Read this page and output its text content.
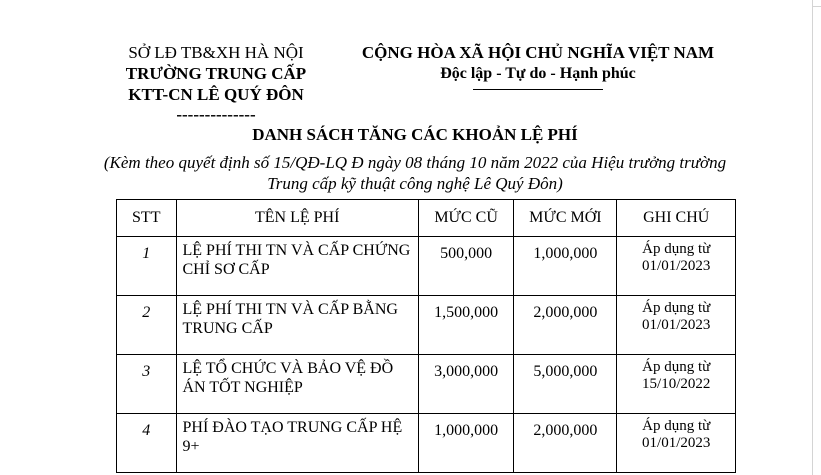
SỞ LĐ TB&XH HÀ NỘI
TRƯỜNG TRUNG CẤP
KTT-CN LÊ QUÝ ĐÔN
--------------
CỘNG HÒA XÃ HỘI CHỦ NGHĨA VIỆT NAM
Độc lập - Tự do - Hạnh phúc
DANH SÁCH TĂNG CÁC KHOẢN LỆ PHÍ
(Kèm theo quyết định số 15/QĐ-LQ Đ ngày 08 tháng 10 năm 2022 của Hiệu trưởng trường Trung cấp kỹ thuật công nghệ Lê Quý Đôn)
STT	TÊN LỆ PHÍ	MỨC CŨ	MỨC MỚI	GHI CHÚ
1	LỆ PHÍ THI TN VÀ CẤP CHỨNG CHỈ SƠ CẤP	500,000	1,000,000	Áp dụng từ 01/01/2023
2	LỆ PHÍ THI TN VÀ CẤP BẰNG TRUNG CẤP	1,500,000	2,000,000	Áp dụng từ 01/01/2023
3	LỆ TỔ CHỨC VÀ BẢO VỆ ĐỒ ÁN TỐT NGHIỆP	3,000,000	5,000,000	Áp dụng từ 15/10/2022
4	PHÍ ĐÀO TẠO TRUNG CẤP HỆ 9+	1,000,000	2,000,000	Áp dụng từ 01/01/2023
